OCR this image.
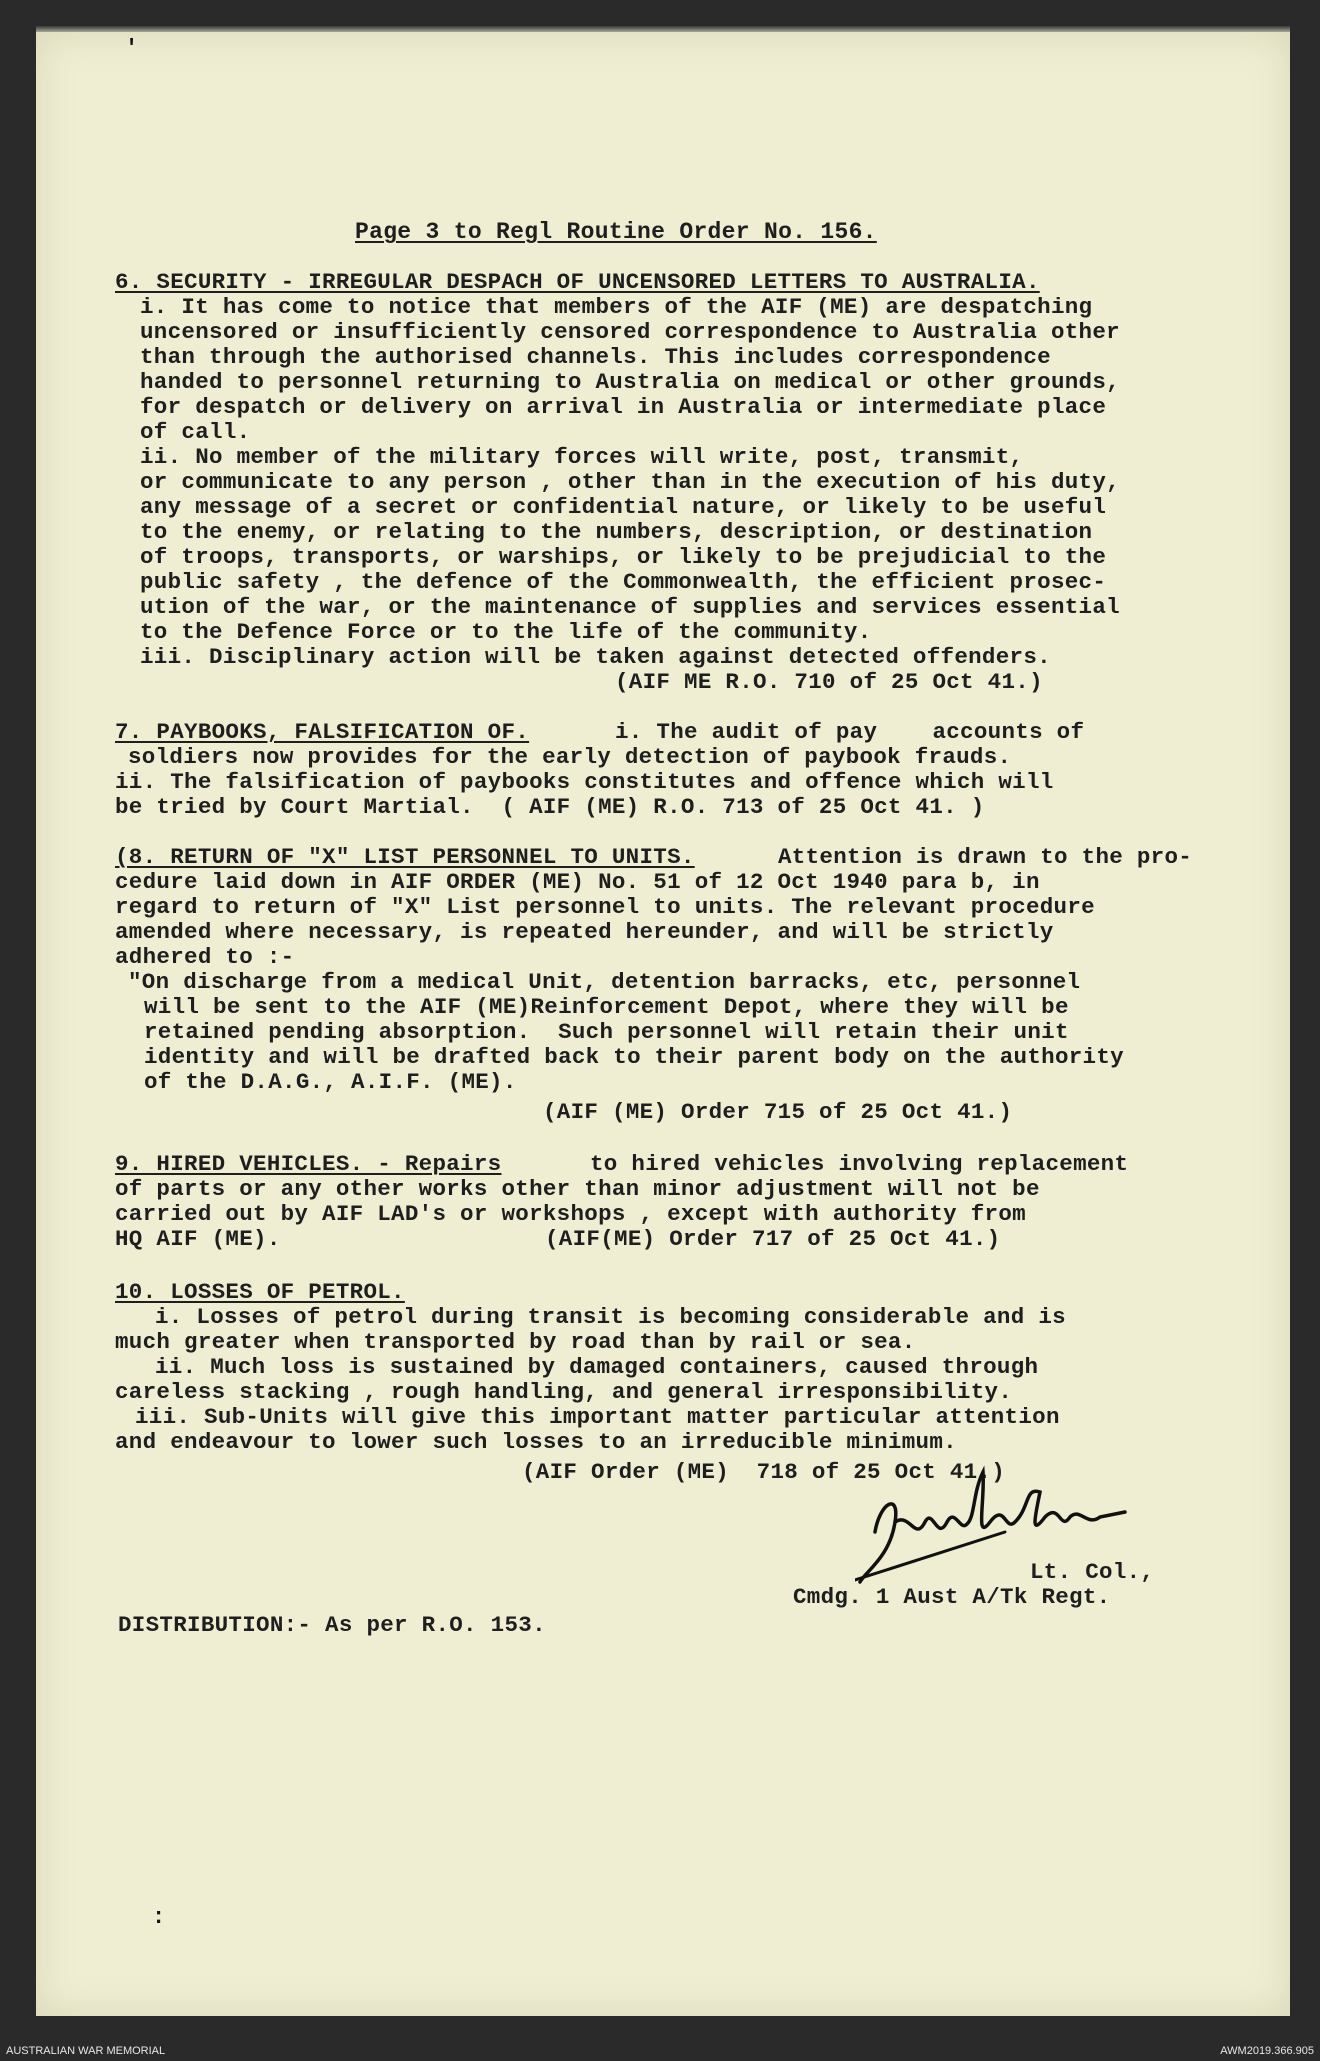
Page 3 to Regl Routine Order No. 156.
6. SECURITY - IRREGULAR DESPACH OF UNCENSORED LETTERS TO AUSTRALIA.
i. It has come to notice that members of the AIF (ME) are despatching
uncensored or insufficiently censored correspondence to Australia other
than through the authorised channels. This includes correspondence
handed to personnel returning to Australia on medical or other grounds,
for despatch or delivery on arrival in Australia or intermediate place
of call.
ii. No member of the military forces will write, post, transmit,
or communicate to any person , other than in the execution of his duty,
any message of a secret or confidential nature, or likely to be useful
to the enemy, or relating to the numbers, description, or destination
of troops, transports, or warships, or likely to be prejudicial to the
public safety , the defence of the Commonwealth, the efficient prosec-
ution of the war, or the maintenance of supplies and services essential
to the Defence Force or to the life of the community.
iii. Disciplinary action will be taken against detected offenders.
(AIF ME R.O. 710 of 25 Oct 41.)
7. PAYBOOKS, FALSIFICATION OF.	i. The audit of pay    accounts of
soldiers now provides for the early detection of paybook frauds.
ii. The falsification of paybooks constitutes and offence which will
be tried by Court Martial.  ( AIF (ME) R.O. 713 of 25 Oct 41. )
(8. RETURN OF "X" LIST PERSONNEL TO UNITS.	Attention is drawn to the pro-
cedure laid down in AIF ORDER (ME) No. 51 of 12 Oct 1940 para b, in
regard to return of "X" List personnel to units. The relevant procedure
amended where necessary, is repeated hereunder, and will be strictly
adhered to :-
"On discharge from a medical Unit, detention barracks, etc, personnel
will be sent to the AIF (ME)Reinforcement Depot, where they will be
retained pending absorption.  Such personnel will retain their unit
identity and will be drafted back to their parent body on the authority
of the D.A.G., A.I.F. (ME).
(AIF (ME) Order 715 of 25 Oct 41.)
9. HIRED VEHICLES. - Repairs	to hired vehicles involving replacement
of parts or any other works other than minor adjustment will not be
carried out by AIF LAD's or workshops , except with authority from
HQ AIF (ME).	(AIF(ME) Order 717 of 25 Oct 41.)
10. LOSSES OF PETROL.
i. Losses of petrol during transit is becoming considerable and is
much greater when transported by road than by rail or sea.
ii. Much loss is sustained by damaged containers, caused through
careless stacking , rough handling, and general irresponsibility.
iii. Sub-Units will give this important matter particular attention
and endeavour to lower such losses to an irreducible minimum.
(AIF Order (ME)  718 of 25 Oct 41.)
Lt. Col.,
Cmdg. 1 Aust A/Tk Regt.
DISTRIBUTION:- As per R.O. 153.
'
:
AUSTRALIAN WAR MEMORIAL	AWM2019.366.905
